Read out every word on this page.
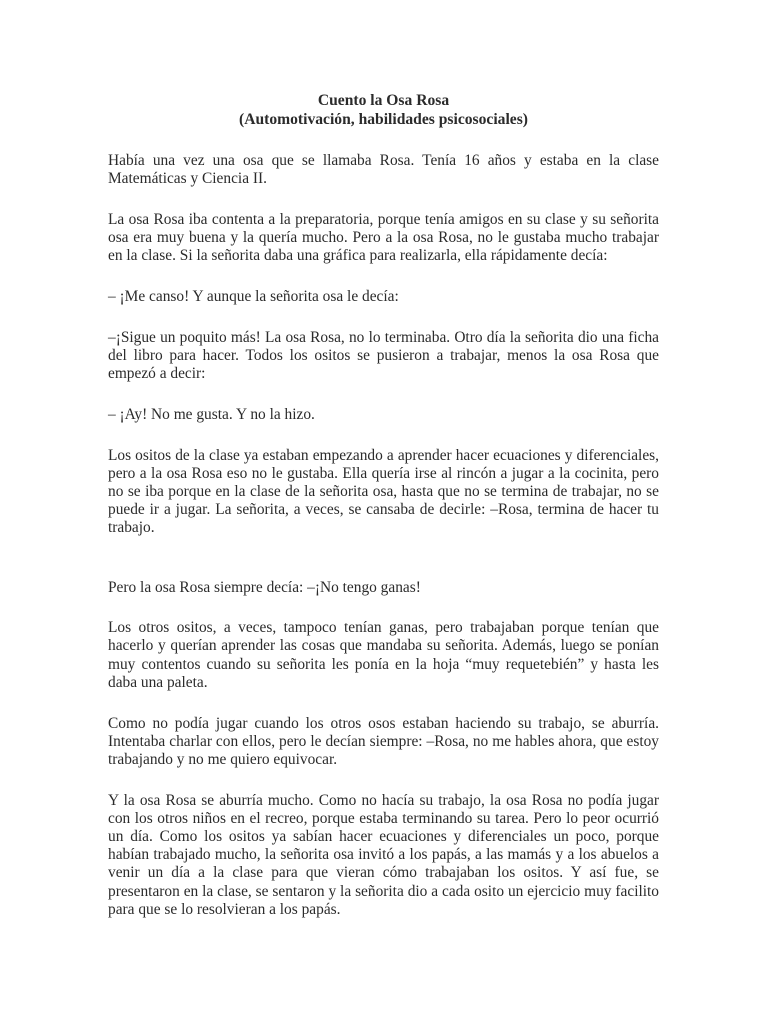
Cuento la Osa Rosa

(Automotivación, habilidades psicosociales)

Había una vez una osa que se llamaba Rosa. Tenía 16 años y estaba en la clase Matemáticas y Ciencia II.

La osa Rosa iba contenta a la preparatoria, porque tenía amigos en su clase y su señorita osa era muy buena y la quería mucho. Pero a la osa Rosa, no le gustaba mucho trabajar en la clase. Si la señorita daba una gráfica para realizarla, ella rápidamente decía:

– ¡Me canso! Y aunque la señorita osa le decía:

–¡Sigue un poquito más! La osa Rosa, no lo terminaba. Otro día la señorita dio una ficha del libro para hacer. Todos los ositos se pusieron a trabajar, menos la osa Rosa que empezó a decir:

– ¡Ay! No me gusta. Y no la hizo.

Los ositos de la clase ya estaban empezando a aprender hacer ecuaciones y diferenciales, pero a la osa Rosa eso no le gustaba. Ella quería irse al rincón a jugar a la cocinita, pero no se iba porque en la clase de la señorita osa, hasta que no se termina de trabajar, no se puede ir a jugar. La señorita, a veces, se cansaba de decirle: –Rosa, termina de hacer tu trabajo.

Pero la osa Rosa siempre decía: –¡No tengo ganas!

Los otros ositos, a veces, tampoco tenían ganas, pero trabajaban porque tenían que hacerlo y querían aprender las cosas que mandaba su señorita. Además, luego se ponían muy contentos cuando su señorita les ponía en la hoja “muy requetebién” y hasta les daba una paleta.

Como no podía jugar cuando los otros osos estaban haciendo su trabajo, se aburría. Intentaba charlar con ellos, pero le decían siempre: –Rosa, no me hables ahora, que estoy trabajando y no me quiero equivocar.

Y la osa Rosa se aburría mucho. Como no hacía su trabajo, la osa Rosa no podía jugar con los otros niños en el recreo, porque estaba terminando su tarea. Pero lo peor ocurrió un día. Como los ositos ya sabían hacer ecuaciones y diferenciales un poco, porque habían trabajado mucho, la señorita osa invitó a los papás, a las mamás y a los abuelos a venir un día a la clase para que vieran cómo trabajaban los ositos. Y así fue, se presentaron en la clase, se sentaron y la señorita dio a cada osito un ejercicio muy facilito para que se lo resolvieran a los papás.
